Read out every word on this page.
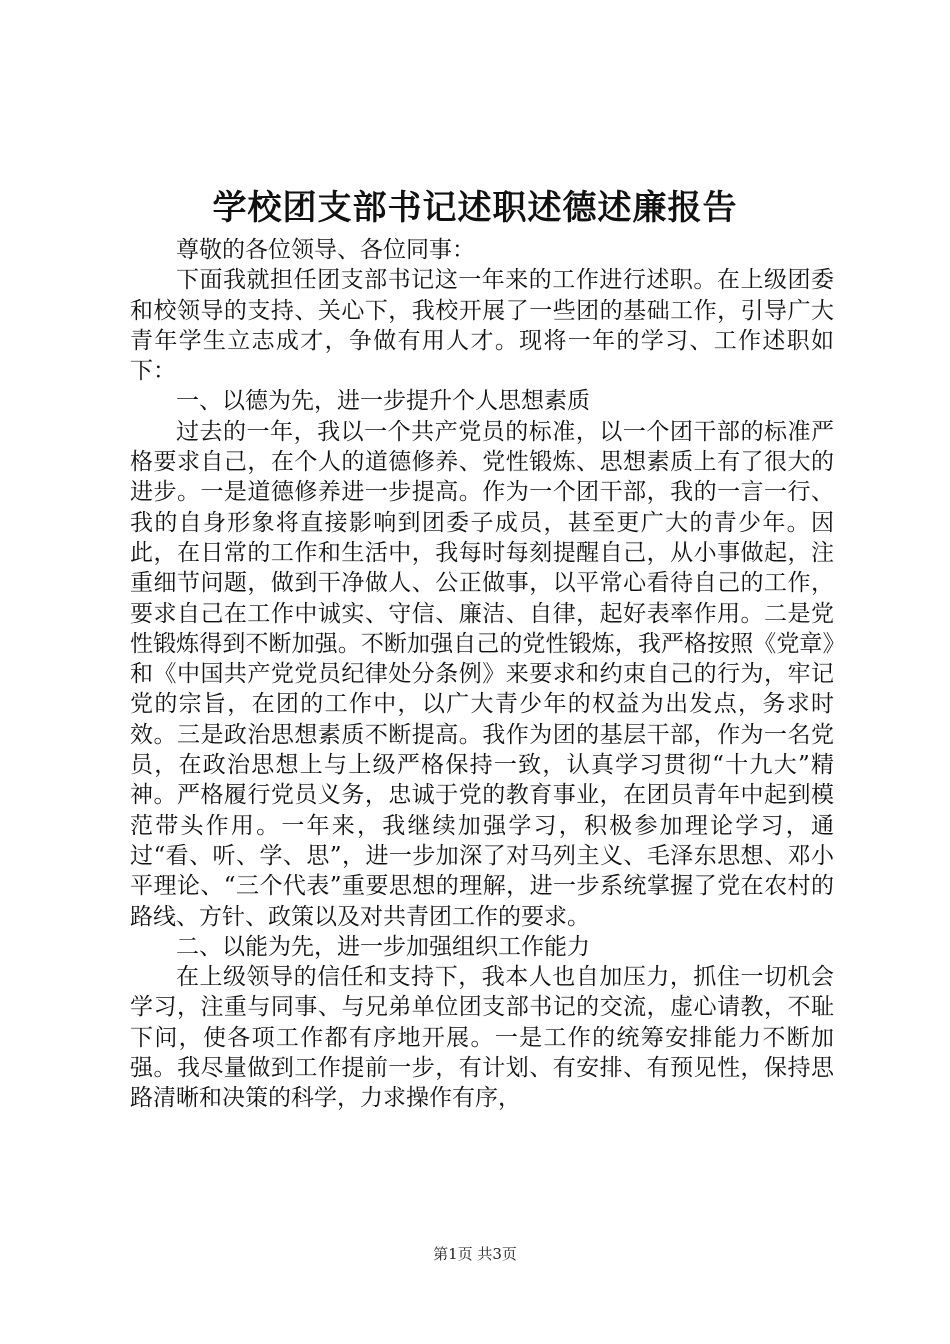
学校团支部书记述职述德述廉报告

尊敬的各位领导、各位同事：

下面我就担任团支部书记这一年来的工作进行述职。在上级团委和校领导的支持、关心下，我校开展了一些团的基础工作，引导广大青年学生立志成才，争做有用人才。现将一年的学习、工作述职如下：

一、以德为先，进一步提升个人思想素质

过去的一年，我以一个共产党员的标准，以一个团干部的标准严格要求自己，在个人的道德修养、党性锻炼、思想素质上有了很大的进步。一是道德修养进一步提高。作为一个团干部，我的一言一行、我的自身形象将直接影响到团委子成员，甚至更广大的青少年。因此，在日常的工作和生活中，我每时每刻提醒自己，从小事做起，注重细节问题，做到干净做人、公正做事，以平常心看待自己的工作，要求自己在工作中诚实、守信、廉洁、自律，起好表率作用。二是党性锻炼得到不断加强。不断加强自己的党性锻炼，我严格按照《党章》和《中国共产党党员纪律处分条例》来要求和约束自己的行为，牢记党的宗旨，在团的工作中，以广大青少年的权益为出发点，务求时效。三是政治思想素质不断提高。我作为团的基层干部，作为一名党员，在政治思想上与上级严格保持一致，认真学习贯彻“十九大”精神。严格履行党员义务，忠诚于党的教育事业，在团员青年中起到模范带头作用。一年来，我继续加强学习，积极参加理论学习，通过“看、听、学、思”，进一步加深了对马列主义、毛泽东思想、邓小平理论、“三个代表”重要思想的理解，进一步系统掌握了党在农村的路线、方针、政策以及对共青团工作的要求。

二、以能为先，进一步加强组织工作能力

在上级领导的信任和支持下，我本人也自加压力，抓住一切机会学习，注重与同事、与兄弟单位团支部书记的交流，虚心请教，不耻下问，使各项工作都有序地开展。一是工作的统筹安排能力不断加强。我尽量做到工作提前一步，有计划、有安排、有预见性，保持思路清晰和决策的科学，力求操作有序，

第1页 共3页
